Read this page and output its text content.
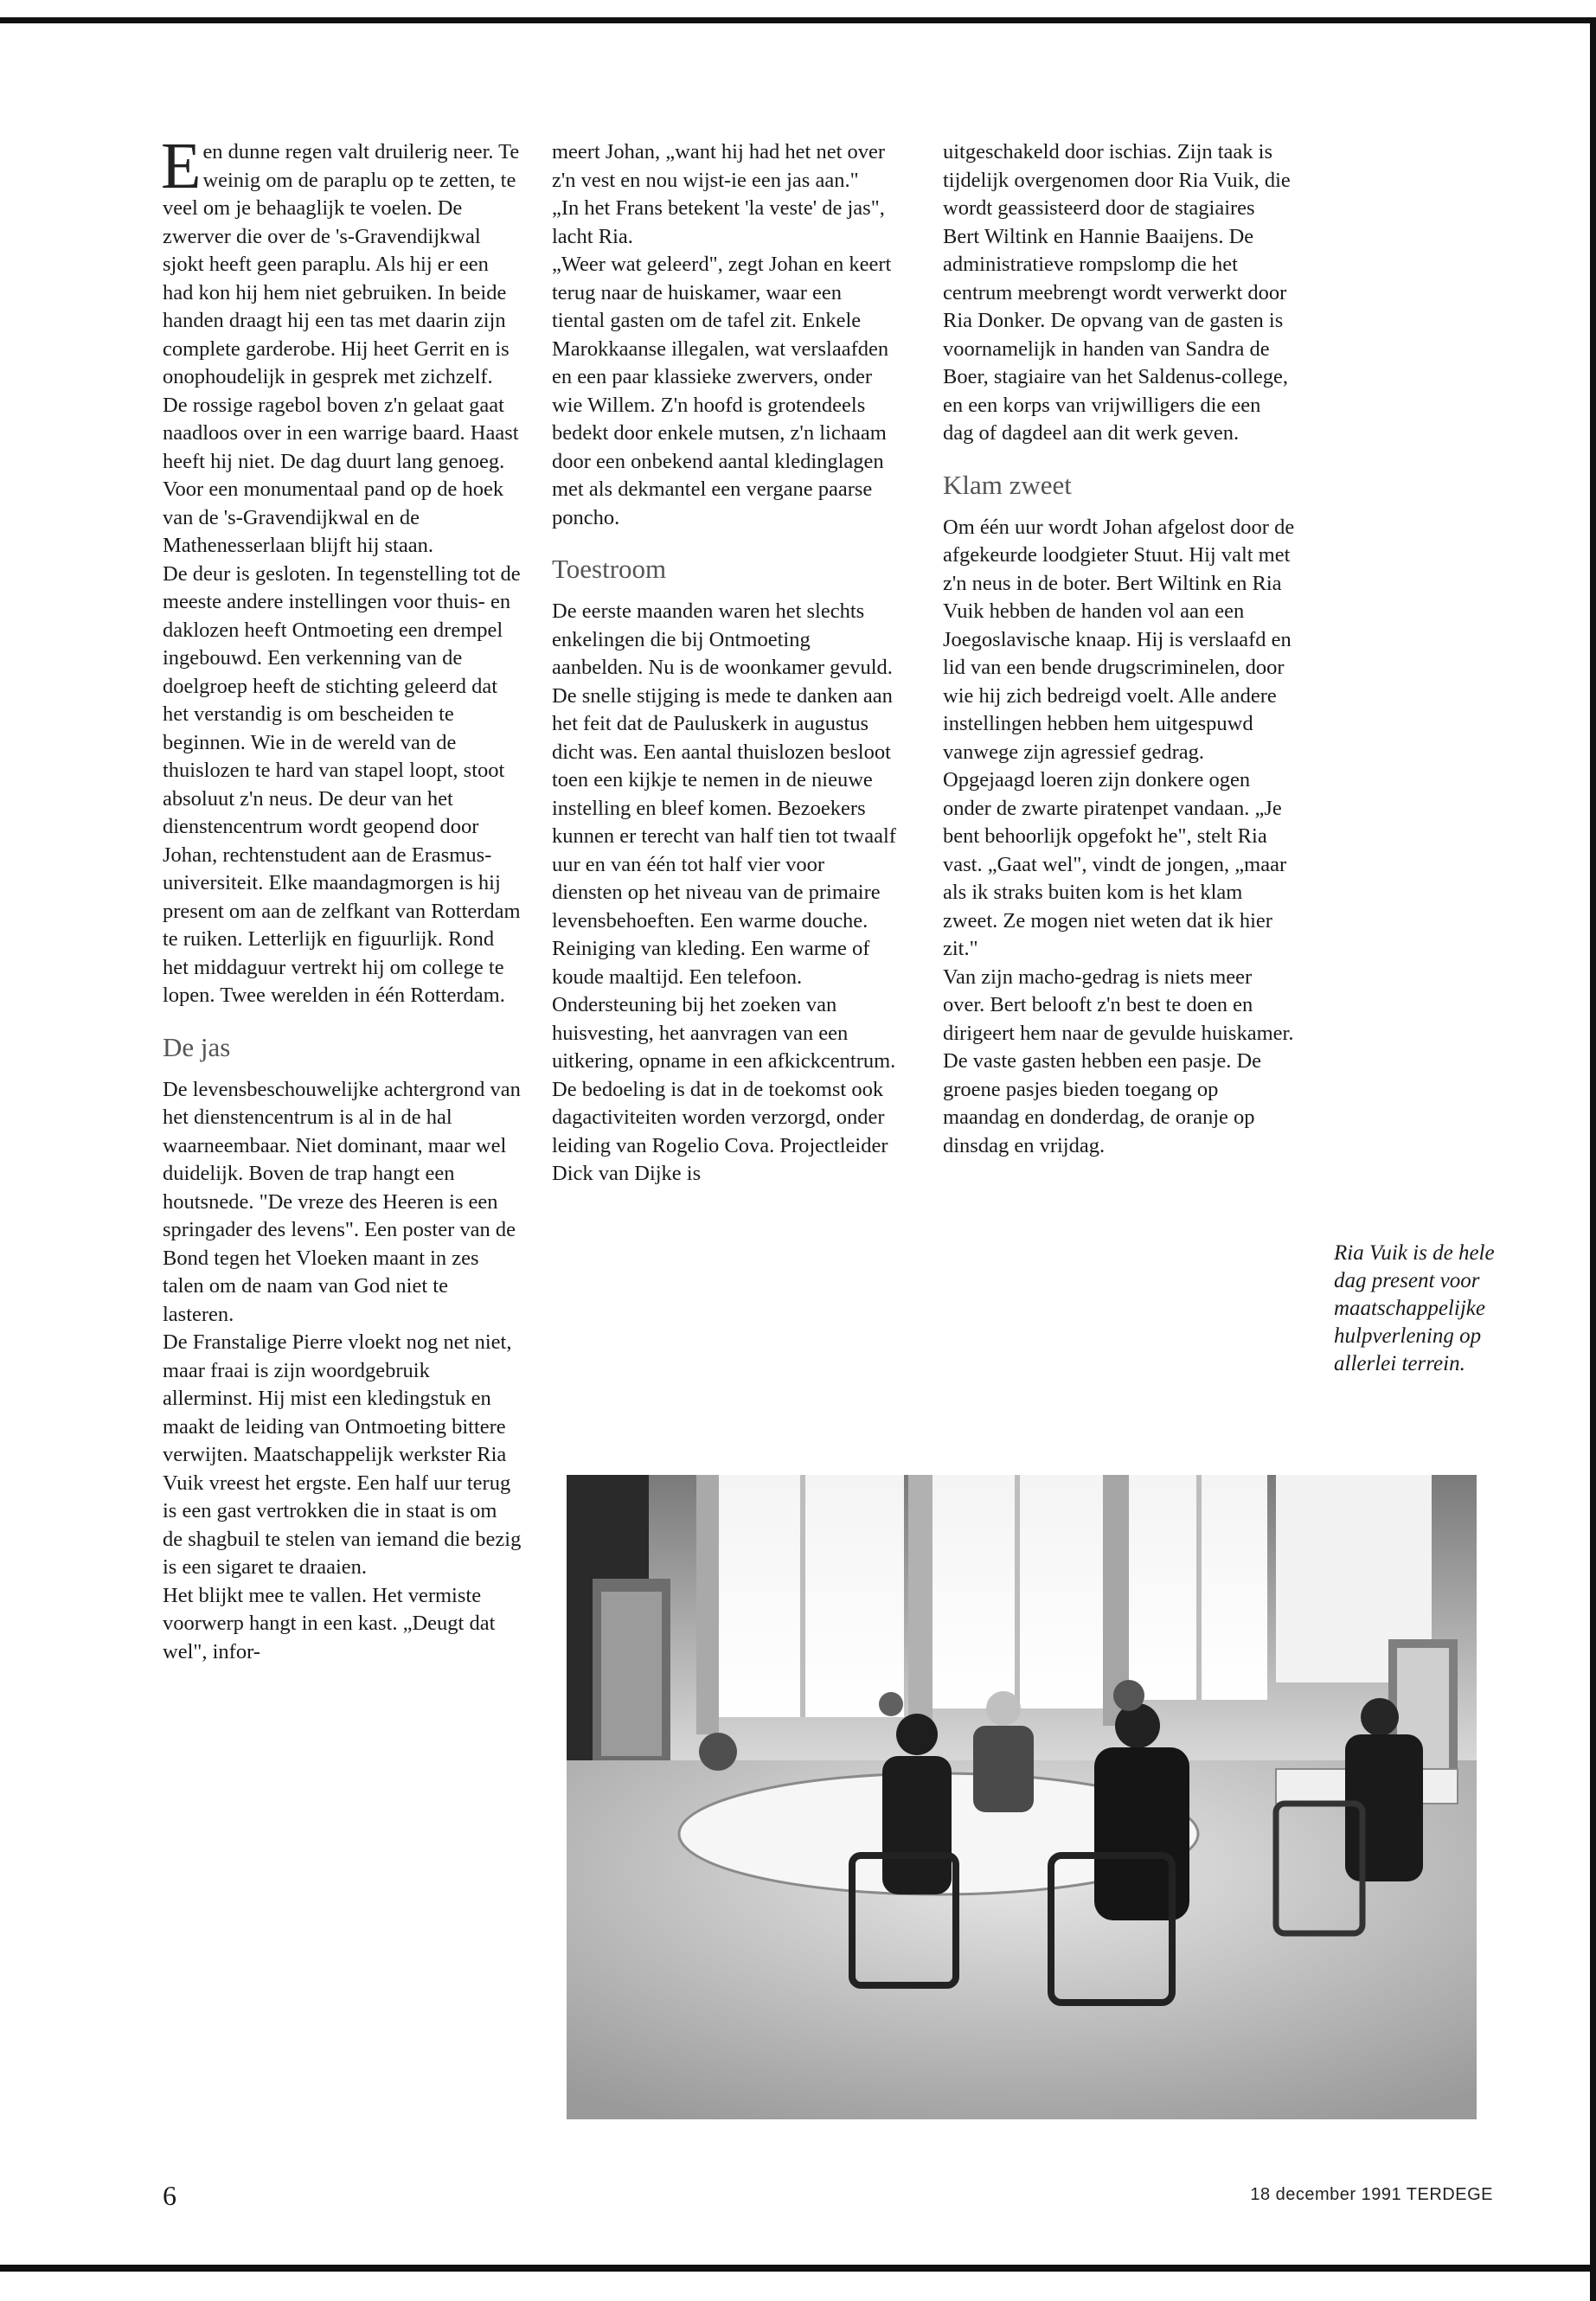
Een dunne regen valt druilerig neer. Te weinig om de paraplu op te zetten, te veel om je behaaglijk te voelen. De zwerver die over de 's-Gravendijkwal sjokt heeft geen paraplu. Als hij er een had kon hij hem niet gebruiken. In beide handen draagt hij een tas met daarin zijn complete garderobe. Hij heet Gerrit en is onophoudelijk in gesprek met zichzelf. De rossige ragebol boven z'n gelaat gaat naadloos over in een warrige baard. Haast heeft hij niet. De dag duurt lang genoeg. Voor een monumentaal pand op de hoek van de 's-Gravendijkwal en de Mathenesserlaan blijft hij staan.

De deur is gesloten. In tegenstelling tot de meeste andere instellingen voor thuis- en daklozen heeft Ontmoeting een drempel ingebouwd. Een verkenning van de doelgroep heeft de stichting geleerd dat het verstandig is om bescheiden te beginnen. Wie in de wereld van de thuislozen te hard van stapel loopt, stoot absoluut z'n neus. De deur van het dienstencentrum wordt geopend door Johan, rechtenstudent aan de Erasmus-universiteit. Elke maandagmorgen is hij present om aan de zelfkant van Rotterdam te ruiken. Letterlijk en figuurlijk. Rond het middaguur vertrekt hij om college te lopen. Twee werelden in één Rotterdam.

De jas

De levensbeschouwelijke achtergrond van het dienstencentrum is al in de hal waarneembaar. Niet dominant, maar wel duidelijk. Boven de trap hangt een houtsnede. "De vreze des Heeren is een springader des levens". Een poster van de Bond tegen het Vloeken maant in zes talen om de naam van God niet te lasteren.

De Franstalige Pierre vloekt nog net niet, maar fraai is zijn woordgebruik allerminst. Hij mist een kledingstuk en maakt de leiding van Ontmoeting bittere verwijten. Maatschappelijk werkster Ria Vuik vreest het ergste. Een half uur terug is een gast vertrokken die in staat is om de shagbuil te stelen van iemand die bezig is een sigaret te draaien.

Het blijkt mee te vallen. Het vermiste voorwerp hangt in een kast. „Deugt dat wel", infor-

meert Johan, „want hij had het net over z'n vest en nou wijst-ie een jas aan."

„In het Frans betekent 'la veste' de jas", lacht Ria.

„Weer wat geleerd", zegt Johan en keert terug naar de huiskamer, waar een tiental gasten om de tafel zit. Enkele Marokkaanse illegalen, wat verslaafden en een paar klassieke zwervers, onder wie Willem. Z'n hoofd is grotendeels bedekt door enkele mutsen, z'n lichaam door een onbekend aantal kledinglagen met als dekmantel een vergane paarse poncho.

Toestroom

De eerste maanden waren het slechts enkelingen die bij Ontmoeting aanbelden. Nu is de woonkamer gevuld. De snelle stijging is mede te danken aan het feit dat de Pauluskerk in augustus dicht was. Een aantal thuislozen besloot toen een kijkje te nemen in de nieuwe instelling en bleef komen. Bezoekers kunnen er terecht van half tien tot twaalf uur en van één tot half vier voor diensten op het niveau van de primaire levensbehoeften. Een warme douche. Reiniging van kleding. Een warme of koude maaltijd. Een telefoon. Ondersteuning bij het zoeken van huisvesting, het aanvragen van een uitkering, opname in een afkickcentrum. De bedoeling is dat in de toekomst ook dagactiviteiten worden verzorgd, onder leiding van Rogelio Cova. Projectleider Dick van Dijke is

uitgeschakeld door ischias. Zijn taak is tijdelijk overgenomen door Ria Vuik, die wordt geassisteerd door de stagiaires Bert Wiltink en Hannie Baaijens. De administratieve rompslomp die het centrum meebrengt wordt verwerkt door Ria Donker. De opvang van de gasten is voornamelijk in handen van Sandra de Boer, stagiaire van het Saldenus-college, en een korps van vrijwilligers die een dag of dagdeel aan dit werk geven.

Klam zweet

Om één uur wordt Johan afgelost door de afgekeurde loodgieter Stuut. Hij valt met z'n neus in de boter. Bert Wiltink en Ria Vuik hebben de handen vol aan een Joegoslavische knaap. Hij is verslaafd en lid van een bende drugscriminelen, door wie hij zich bedreigd voelt. Alle andere instellingen hebben hem uitgespuwd vanwege zijn agressief gedrag. Opgejaagd loeren zijn donkere ogen onder de zwarte piratenpet vandaan. „Je bent behoorlijk opgefokt he", stelt Ria vast. „Gaat wel", vindt de jongen, „maar als ik straks buiten kom is het klam zweet. Ze mogen niet weten dat ik hier zit."

Van zijn macho-gedrag is niets meer over. Bert belooft z'n best te doen en dirigeert hem naar de gevulde huiskamer. De vaste gasten hebben een pasje. De groene pasjes bieden toegang op maandag en donderdag, de oranje op dinsdag en vrijdag.

Ria Vuik is de hele dag present voor maatschappelijke hulpverlening op allerlei terrein.
6	18 december 1991 TERDEGE
